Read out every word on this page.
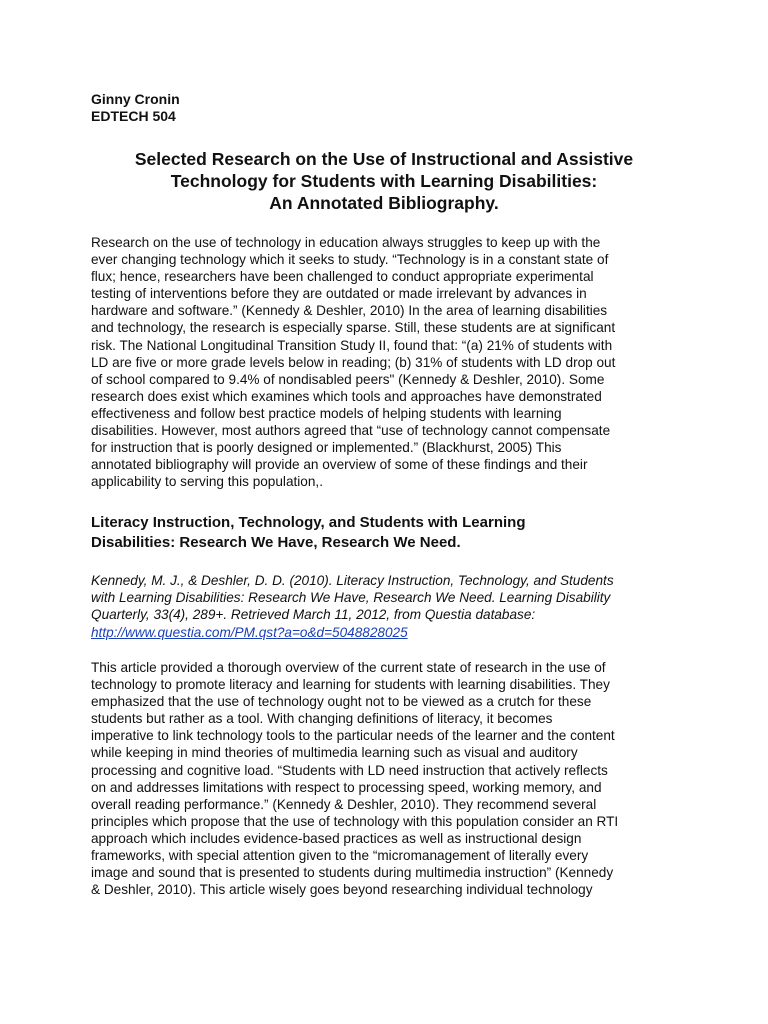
Ginny Cronin
EDTECH 504
Selected Research on the Use of Instructional and Assistive
Technology for Students with Learning Disabilities:
An Annotated Bibliography.
Research on the use of technology in education always struggles to keep up with the
ever changing technology which it seeks to study. “Technology is in a constant state of
flux; hence, researchers have been challenged to conduct appropriate experimental
testing of interventions before they are outdated or made irrelevant by advances in
hardware and software.” (Kennedy & Deshler, 2010) In the area of learning disabilities
and technology, the research is especially sparse. Still, these students are at significant
risk. The National Longitudinal Transition Study II, found that: “(a) 21% of students with
LD are five or more grade levels below in reading; (b) 31% of students with LD drop out
of school compared to 9.4% of nondisabled peers" (Kennedy & Deshler, 2010). Some
research does exist which examines which tools and approaches have demonstrated
effectiveness and follow best practice models of helping students with learning
disabilities. However, most authors agreed that “use of technology cannot compensate
for instruction that is poorly designed or implemented.” (Blackhurst, 2005) This
annotated bibliography will provide an overview of some of these findings and their
applicability to serving this population,.
Literacy Instruction, Technology, and Students with Learning
Disabilities: Research We Have, Research We Need.
Kennedy, M. J., & Deshler, D. D. (2010). Literacy Instruction, Technology, and Students
with Learning Disabilities: Research We Have, Research We Need. Learning Disability
Quarterly, 33(4), 289+. Retrieved March 11, 2012, from Questia database:
http://www.questia.com/PM.qst?a=o&d=5048828025
This article provided a thorough overview of the current state of research in the use of
technology to promote literacy and learning for students with learning disabilities. They
emphasized that the use of technology ought not to be viewed as a crutch for these
students but rather as a tool. With changing definitions of literacy, it becomes
imperative to link technology tools to the particular needs of the learner and the content
while keeping in mind theories of multimedia learning such as visual and auditory
processing and cognitive load. “Students with LD need instruction that actively reflects
on and addresses limitations with respect to processing speed, working memory, and
overall reading performance.” (Kennedy & Deshler, 2010). They recommend several
principles which propose that the use of technology with this population consider an RTI
approach which includes evidence-based practices as well as instructional design
frameworks, with special attention given to the “micromanagement of literally every
image and sound that is presented to students during multimedia instruction” (Kennedy
& Deshler, 2010). This article wisely goes beyond researching individual technology
